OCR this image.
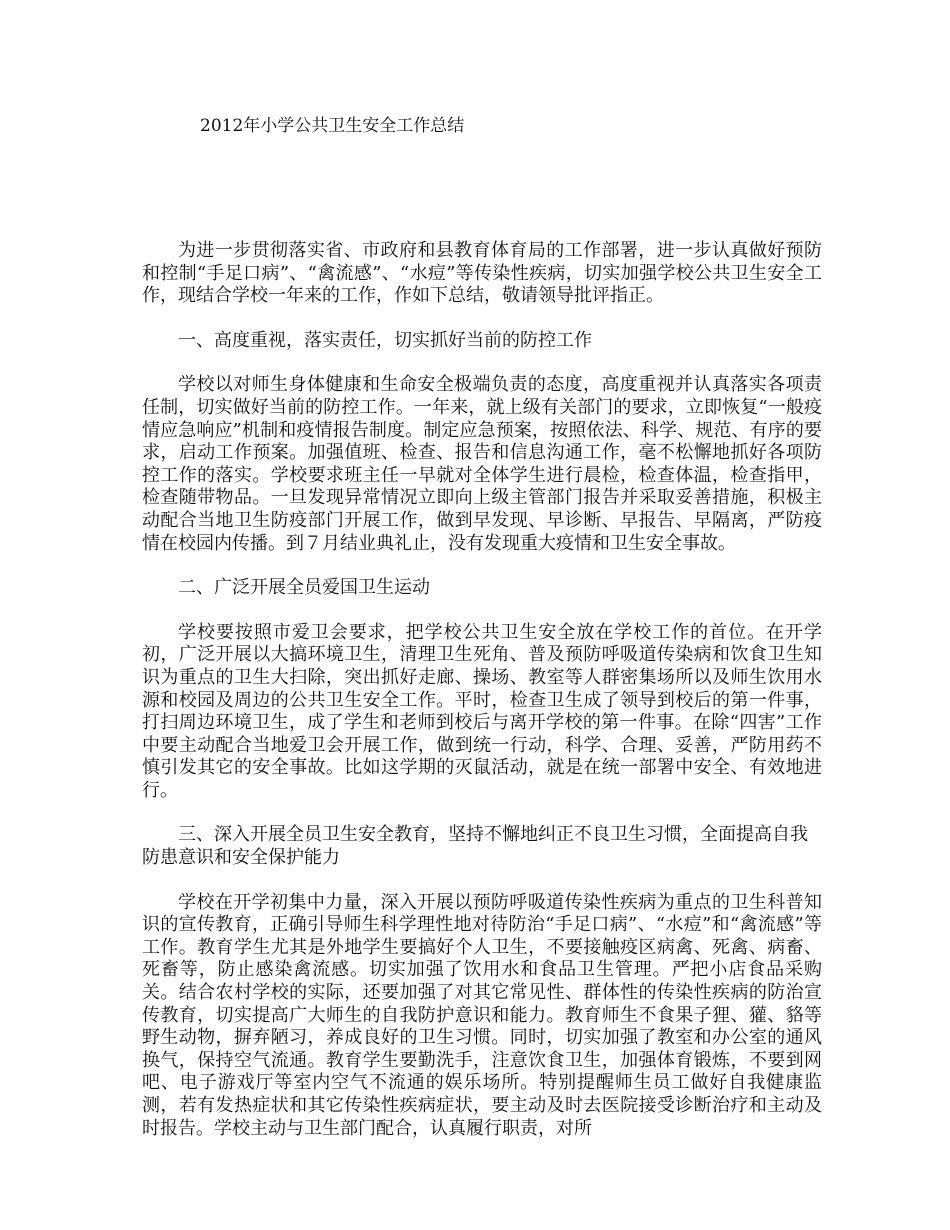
2012年小学公共卫生安全工作总结

为进一步贯彻落实省、市政府和县教育体育局的工作部署，进一步认真做好预防和控制“手足口病”、“禽流感”、“水痘”等传染性疾病，切实加强学校公共卫生安全工作，现结合学校一年来的工作，作如下总结，敬请领导批评指正。

一、高度重视，落实责任，切实抓好当前的防控工作

学校以对师生身体健康和生命安全极端负责的态度，高度重视并认真落实各项责任制，切实做好当前的防控工作。一年来，就上级有关部门的要求，立即恢复“一般疫情应急响应”机制和疫情报告制度。制定应急预案，按照依法、科学、规范、有序的要求，启动工作预案。加强值班、检查、报告和信息沟通工作，毫不松懈地抓好各项防控工作的落实。学校要求班主任一早就对全体学生进行晨检，检查体温，检查指甲，检查随带物品。一旦发现异常情况立即向上级主管部门报告并采取妥善措施，积极主动配合当地卫生防疫部门开展工作，做到早发现、早诊断、早报告、早隔离，严防疫情在校园内传播。到７月结业典礼止，没有发现重大疫情和卫生安全事故。

二、广泛开展全员爱国卫生运动

学校要按照市爱卫会要求，把学校公共卫生安全放在学校工作的首位。在开学初，广泛开展以大搞环境卫生，清理卫生死角、普及预防呼吸道传染病和饮食卫生知识为重点的卫生大扫除，突出抓好走廊、操场、教室等人群密集场所以及师生饮用水源和校园及周边的公共卫生安全工作。平时，检查卫生成了领导到校后的第一件事，打扫周边环境卫生，成了学生和老师到校后与离开学校的第一件事。在除“四害”工作中要主动配合当地爱卫会开展工作，做到统一行动，科学、合理、妥善，严防用药不慎引发其它的安全事故。比如这学期的灭鼠活动，就是在统一部署中安全、有效地进行。

三、深入开展全员卫生安全教育，坚持不懈地纠正不良卫生习惯，全面提高自我防患意识和安全保护能力

学校在开学初集中力量，深入开展以预防呼吸道传染性疾病为重点的卫生科普知识的宣传教育，正确引导师生科学理性地对待防治“手足口病”、“水痘”和“禽流感”等工作。教育学生尤其是外地学生要搞好个人卫生，不要接触疫区病禽、死禽、病畜、死畜等，防止感染禽流感。切实加强了饮用水和食品卫生管理。严把小店食品采购关。结合农村学校的实际，还要加强了对其它常见性、群体性的传染性疾病的防治宣传教育，切实提高广大师生的自我防护意识和能力。教育师生不食果子狸、獾、貉等野生动物，摒弃陋习，养成良好的卫生习惯。同时，切实加强了教室和办公室的通风换气，保持空气流通。教育学生要勤洗手，注意饮食卫生，加强体育锻炼，不要到网吧、电子游戏厅等室内空气不流通的娱乐场所。特别提醒师生员工做好自我健康监测，若有发热症状和其它传染性疾病症状，要主动及时去医院接受诊断治疗和主动及时报告。学校主动与卫生部门配合，认真履行职责，对所
